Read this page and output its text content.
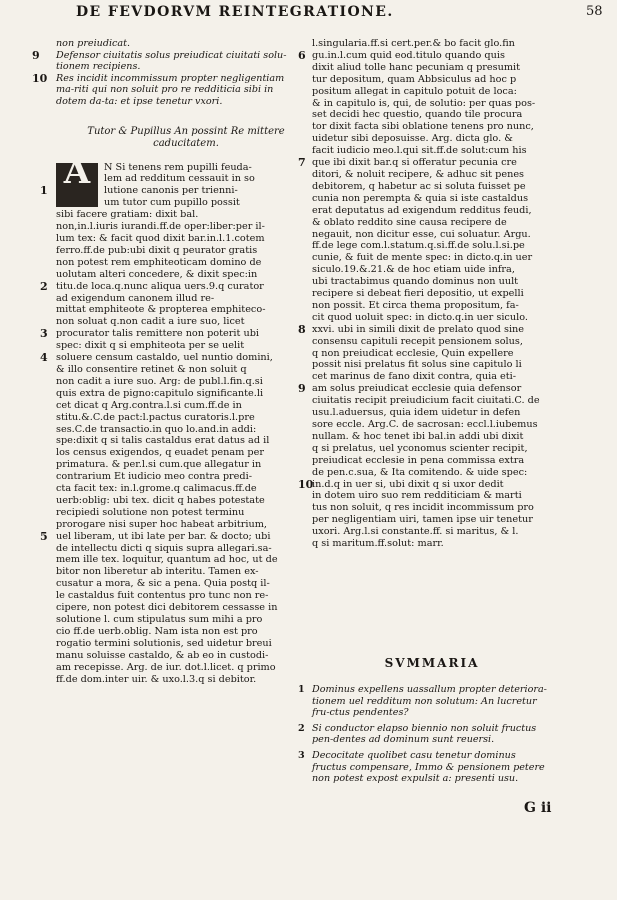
DE FEVDORVM REINTEGRATIONE.	58
non preiudicat.
9 Defensor ciuitatis solus preiudicat ciuitati solu-tionem recipiens.
10 Res incidit incommissum propter negligentiam ma-riti qui non soluit pro re redditicia sibi in dotem da-ta: et ipse tenetur vxori.
Tutor & Pupillus An possint Re mittere caducitatem.
A	N Si tenens rem pupilli feuda-
lem ad redditum cessauit in so
lutione canonis per trienni-
um tutor cum pupillo possit
sibi facere gratiam: dixit bal.
non,in.l.iuris iurandi.ff.de oper:liber:per il-
lum tex: & facit quod dixit bar.in.l.1.cotem
ferro.ff.de pub:ubi dixit q peurator gratis
non potest rem emphiteoticam domino de
uolutam alteri concedere, & dixit spec:in
titu.de loca.q.nunc aliqua uers.9.q curator
ad exigendum canonem illud re-
mittat emphiteote & propterea emphiteco-
non soluat q.non cadit a iure suo, licet
procurator talis remittere non poterit ubi
spec: dixit q si emphiteota per se uelit
soluere censum castaldo, uel nuntio domini,
& illo consentire retinet & non soluit q
non cadit a iure suo. Arg: de publ.l.fin.q.si
quis extra de pigno:capitulo significante.li
cet dicat q Arg.contra.l.si cum.ff.de in
stitu.&.C.de pact:l.pactus curatoris.l.pre
ses.C.de transactio.in quo lo.and.in addi:
spe:dixit q si talis castaldus erat datus ad il
los census exigendos, q euadet penam per
primatura. & per.l.si cum.que allegatur in
contrarium Et iudicio meo contra predi-
cta facit tex: in.l.grome.q calimacus.ff.de
uerb:oblig: ubi tex. dicit q habes potestate
recipiedi solutione non potest terminu
prorogare nisi super hoc habeat arbitrium,
uel liberam, ut ibi late per bar. & docto; ubi
de intellectu dicti q siquis supra allegari.sa-
mem ille tex. loquitur, quantum ad hoc, ut de
bitor non liberetur ab interitu. Tamen ex-
cusatur a mora, & sic a pena. Quia postq il-
le castaldus fuit contentus pro tunc non re-
cipere, non potest dici debitorem cessasse in
solutione l. cum stipulatus sum mihi a pro
cio ff.de uerb.oblig. Nam ista non est pro
rogatio termini solutionis, sed uidetur breui
manu soluisse castaldo, & ab eo in custodi-
am recepisse. Arg. de iur. dot.l.licet. q primo
ff.de dom.inter uir. & uxo.l.3.q si debitor.
l.singularia.ff.si cert.per.& bo facit glo.fin
gu.in.l.cum quid eod.titulo quando quis
dixit aliud tolle hanc pecuniam q presumit
tur depositum, quam Abbsiculus ad hoc p
positum allegat in capitulo potuit de loca:
& in capitulo is, qui, de solutio: per quas pos-
set decidi hec questio, quando tile procura
tor dixit facta sibi oblatione tenens pro nunc,
uidetur sibi deposuisse. Arg. dicta glo. &
facit iudicio meo.l.qui sit.ff.de solut:cum his
que ibi dixit bar.q si offeratur pecunia cre
ditori, & noluit recipere, & adhuc sit penes
debitorem, q habetur ac si soluta fuisset pe
cunia non perempta & quia si iste castaldus
erat deputatus ad exigendum redditus feudi,
& oblato reddito sine causa recipere de
negauit, non dicitur esse, cui soluatur. Argu.
ff.de lege com.l.statum.q.si.ff.de solu.l.si.pe
cunie, & fuit de mente spec: in dicto.q.in uer
siculo.19.&.21.& de hoc etiam uide infra,
ubi tractabimus quando dominus non uult
recipere si debeat fieri depositio, ut expelli
non possit. Et circa thema propositum, fa-
cit quod uoluit spec: in dicto.q.in uer siculo.
xxvi. ubi in simili dixit de prelato quod sine
consensu capituli recepit pensionem solus,
q non preiudicat ecclesie, Quin expellere
possit nisi prelatus fit solus sine capitulo li
cet marinus de fano dixit contra, quia eti-
am solus preiudicat ecclesie quia defensor
ciuitatis recipit preiudicium facit ciuitati.C. de
usu.l.aduersus, quia idem uidetur in defen
sore eccle. Arg.C. de sacrosan: eccl.l.iubemus
nullam. & hoc tenet ibi bal.in addi ubi dixit
q si prelatus, uel yconomus scienter recipit,
preiudicat ecclesie in pena commissa extra
de pen.c.sua, & Ita comitendo. & uide spec:
in.d.q in uer si, ubi dixit q si uxor dedit
in dotem uiro suo rem redditiciam & marti
tus non soluit, q res incidit incommissum pro
per negligentiam uiri, tamen ipse uir tenetur
uxori. Arg.l.si constante.ff. si maritus, & l.
q si maritum.ff.solut: marr.
SVMMARIA
1 Dominus expellens uassallum propter deteriora-tionem uel redditum non solutum: An lucretur fru-ctus pendentes?
2 Si conductor elapso biennio non soluit fructus pen-dentes ad dominum sunt reuersi.
3 Decocitate quolibet casu tenetur dominus fructus compensare, Immo & pensionem petere non potest expost expulsit a: presenti usu.
G ii
1
2
3
4
5
6
7
8
9
10
